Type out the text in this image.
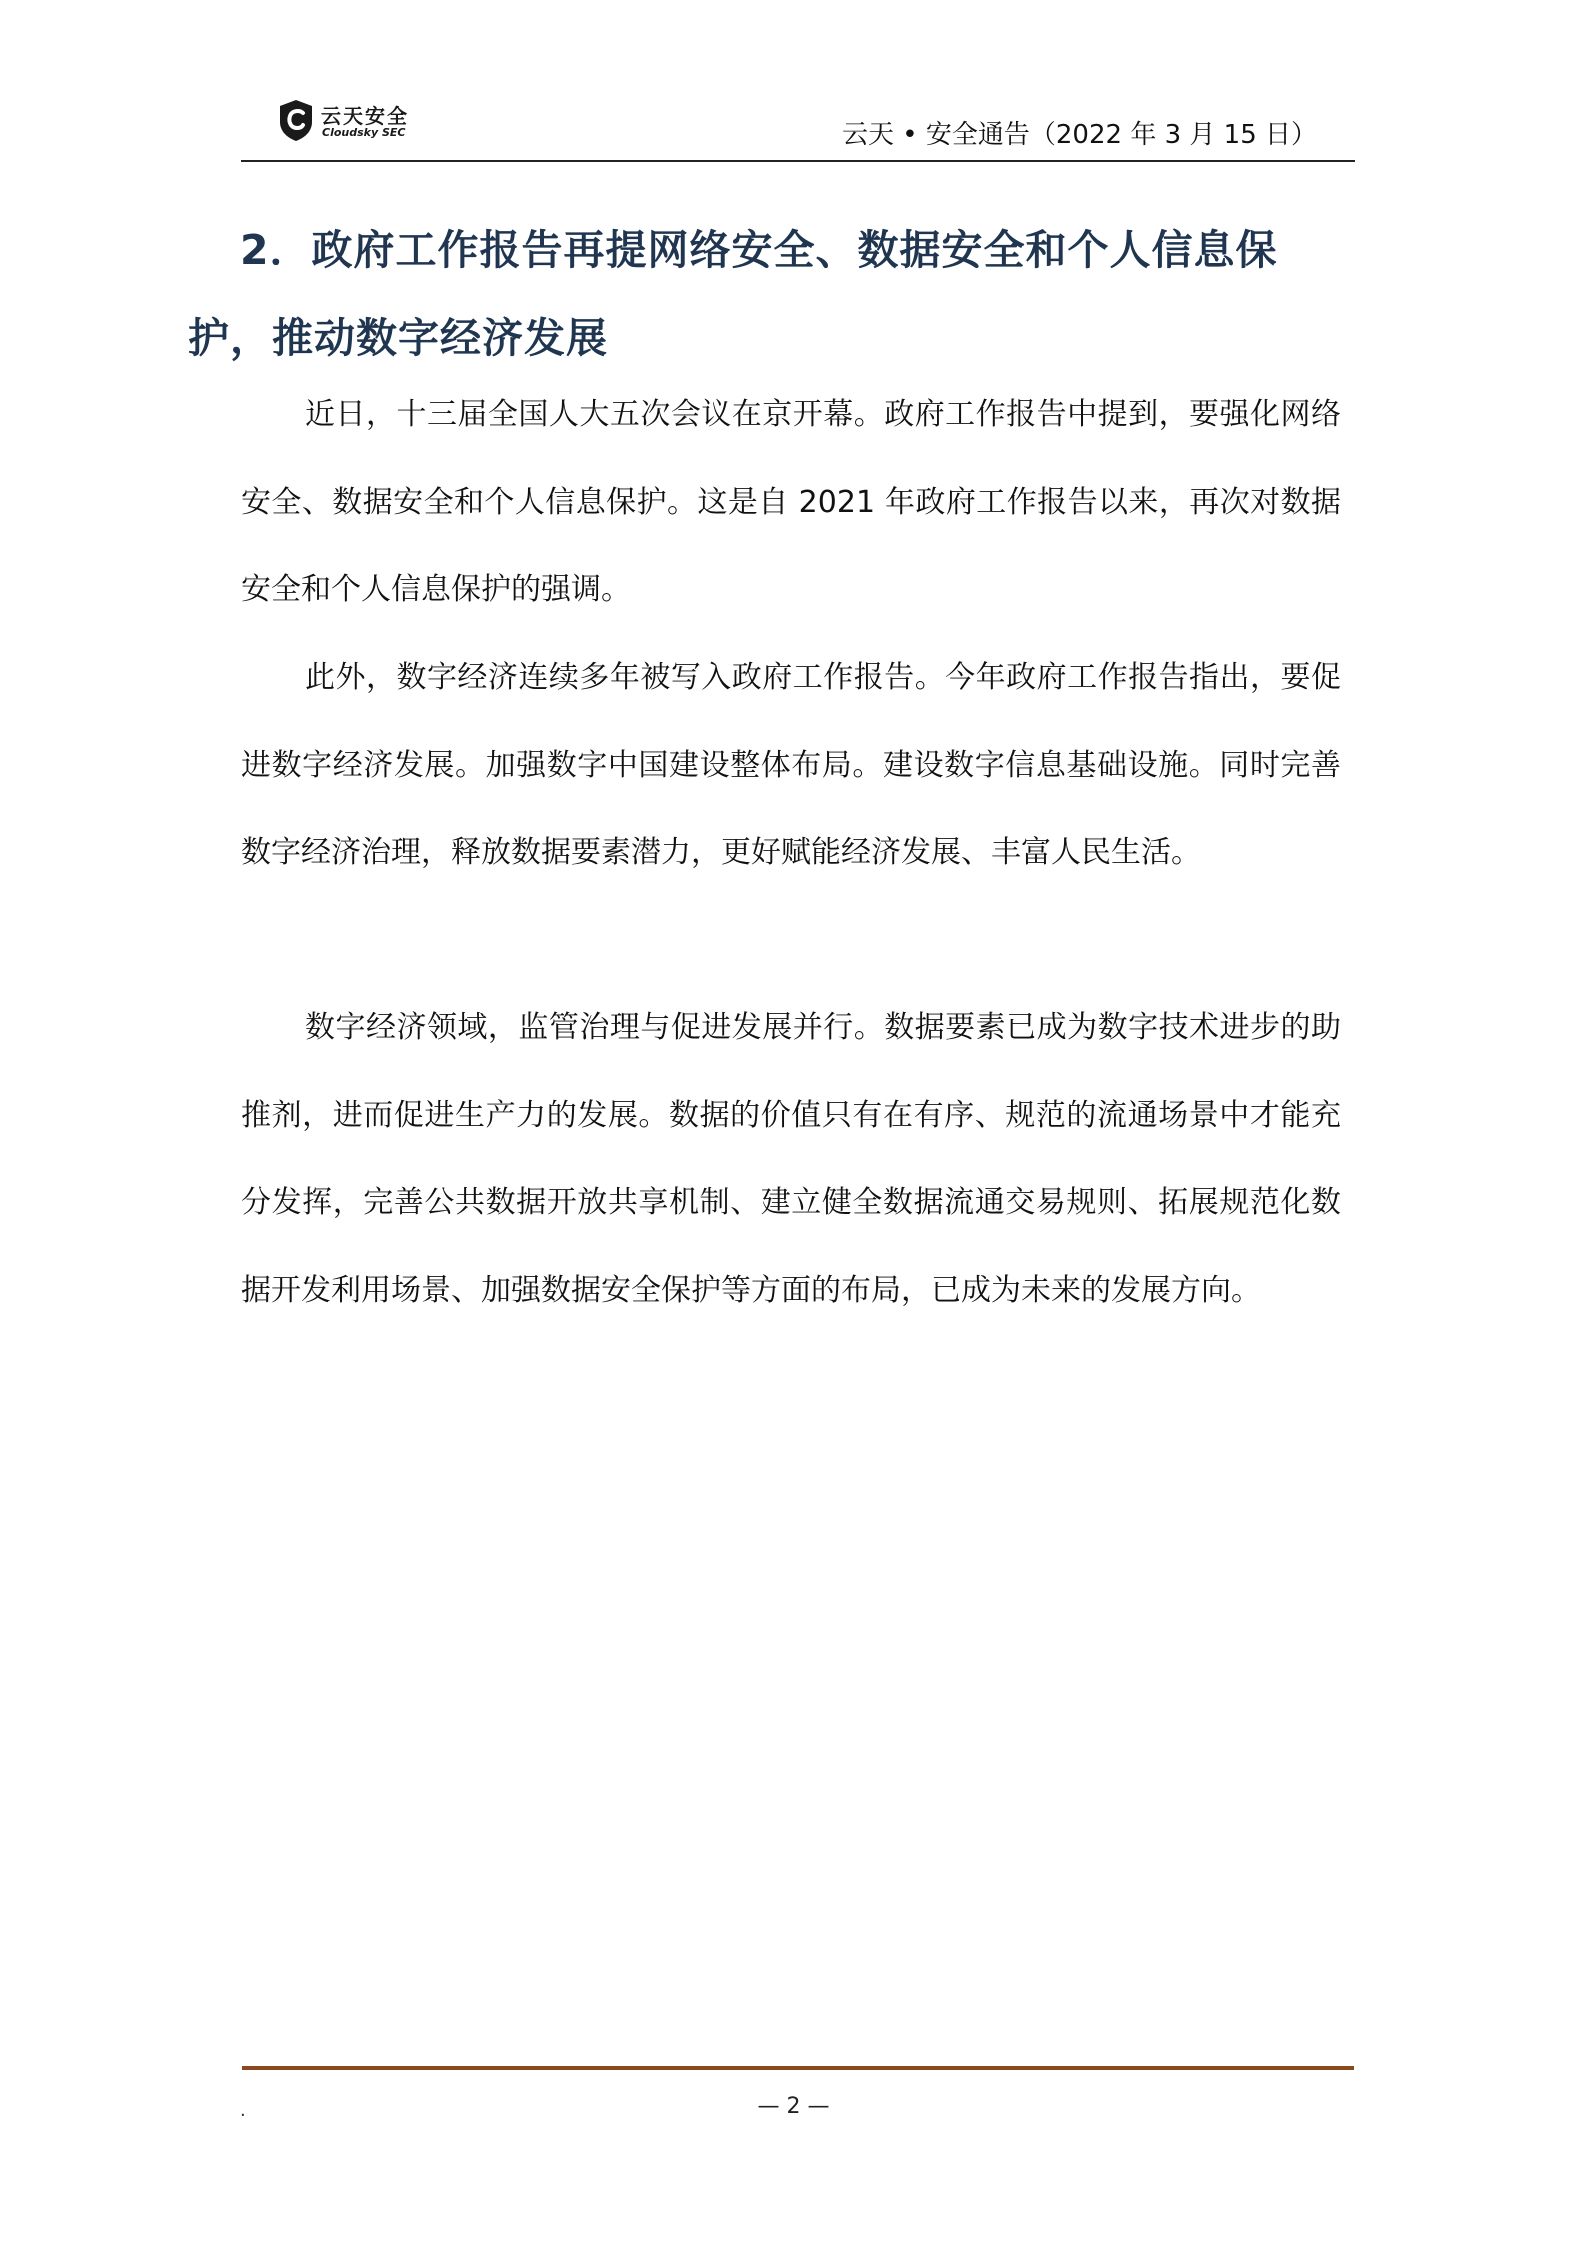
云天安全
Cloudsky SEC	云天 • 安全通告（2022 年 3 月 15 日）
2．政府工作报告再提网络安全、数据安全和个人信息保护，推动数字经济发展
近日，十三届全国人大五次会议在京开幕。政府工作报告中提到，要强化网络安全、数据安全和个人信息保护。这是自 2021 年政府工作报告以来，再次对数据安全和个人信息保护的强调。
此外，数字经济连续多年被写入政府工作报告。今年政府工作报告指出，要促进数字经济发展。加强数字中国建设整体布局。建设数字信息基础设施。同时完善数字经济治理，释放数据要素潜力，更好赋能经济发展、丰富人民生活。
数字经济领域，监管治理与促进发展并行。数据要素已成为数字技术进步的助推剂，进而促进生产力的发展。数据的价值只有在有序、规范的流通场景中才能充分发挥，完善公共数据开放共享机制、建立健全数据流通交易规则、拓展规范化数据开发利用场景、加强数据安全保护等方面的布局，已成为未来的发展方向。
.	— 2 —
